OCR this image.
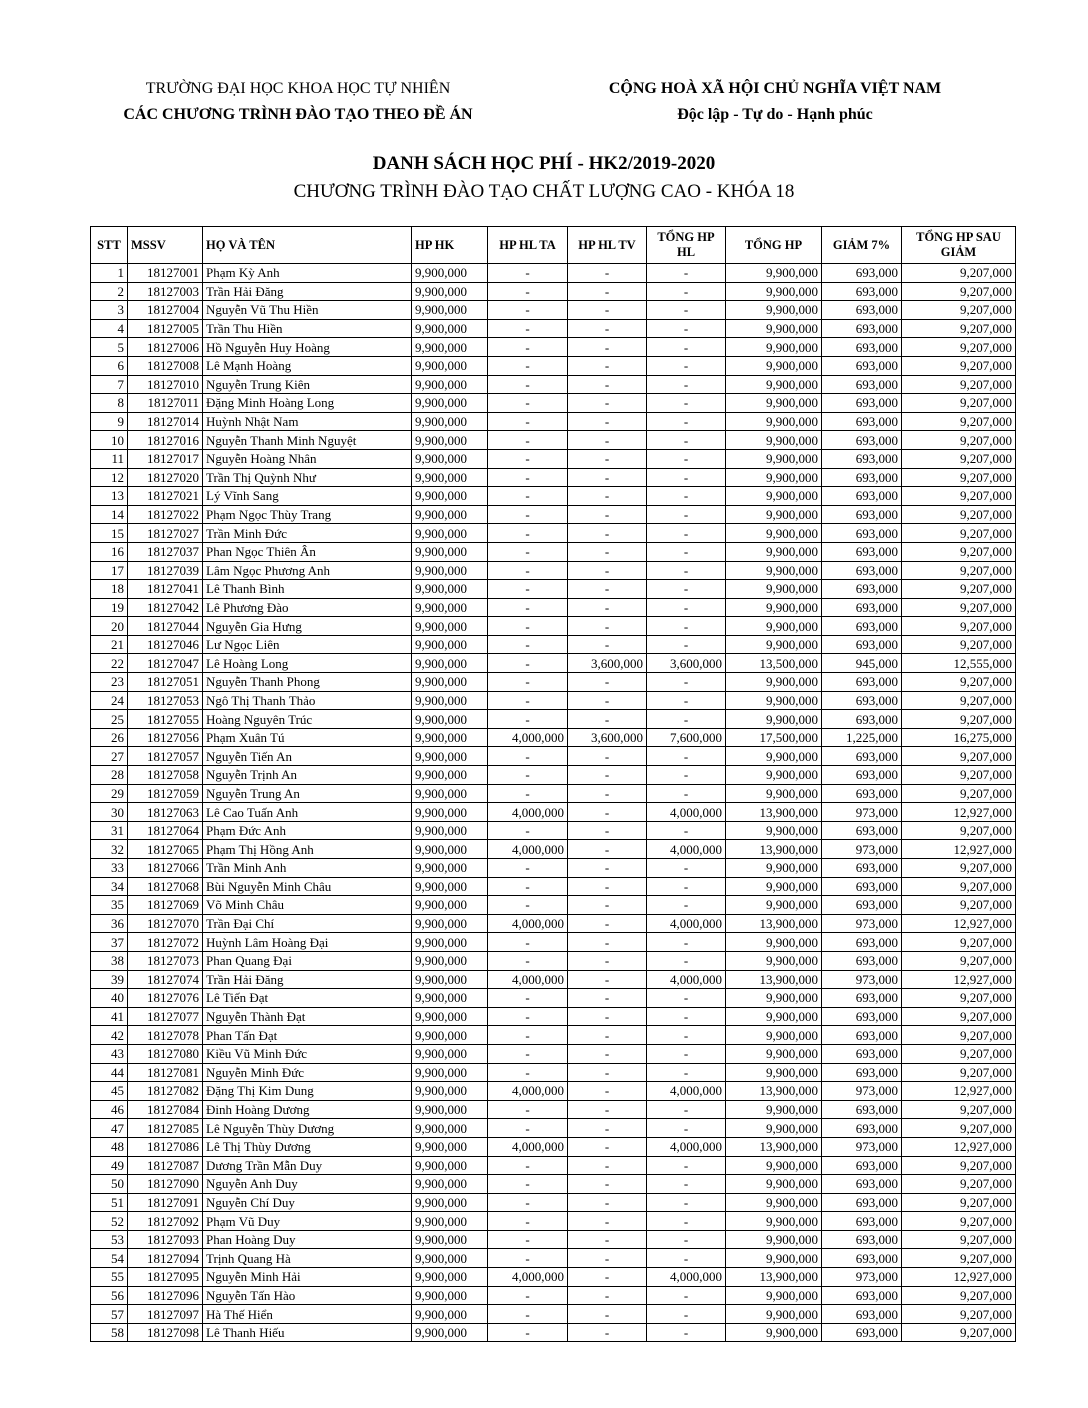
TRƯỜNG ĐẠI HỌC KHOA HỌC TỰ NHIÊN
CÁC CHƯƠNG TRÌNH ĐÀO TẠO THEO ĐỀ ÁN
CỘNG HOÀ XÃ HỘI CHỦ NGHĨA VIỆT NAM
Độc lập - Tự do - Hạnh phúc
DANH SÁCH HỌC PHÍ - HK2/2019-2020
CHƯƠNG TRÌNH ĐÀO TẠO CHẤT LƯỢNG CAO - KHÓA 18
STT	MSSV	HỌ VÀ TÊN	HP HK	HP HL TA	HP HL TV	TỔNG HP HL	TỔNG HP	GIẢM 7%	TỔNG HP SAU GIẢM
1	18127001	Phạm Kỳ Anh	9,900,000	-	-	-	9,900,000	693,000	9,207,000
2	18127003	Trần Hải Đăng	9,900,000	-	-	-	9,900,000	693,000	9,207,000
3	18127004	Nguyễn Vũ Thu Hiền	9,900,000	-	-	-	9,900,000	693,000	9,207,000
4	18127005	Trần Thu Hiền	9,900,000	-	-	-	9,900,000	693,000	9,207,000
5	18127006	Hồ Nguyễn Huy Hoàng	9,900,000	-	-	-	9,900,000	693,000	9,207,000
6	18127008	Lê Mạnh Hoàng	9,900,000	-	-	-	9,900,000	693,000	9,207,000
7	18127010	Nguyễn Trung Kiên	9,900,000	-	-	-	9,900,000	693,000	9,207,000
8	18127011	Đặng Minh Hoàng Long	9,900,000	-	-	-	9,900,000	693,000	9,207,000
9	18127014	Huỳnh Nhật Nam	9,900,000	-	-	-	9,900,000	693,000	9,207,000
10	18127016	Nguyễn Thanh Minh Nguyệt	9,900,000	-	-	-	9,900,000	693,000	9,207,000
11	18127017	Nguyễn Hoàng Nhân	9,900,000	-	-	-	9,900,000	693,000	9,207,000
12	18127020	Trần Thị Quỳnh Như	9,900,000	-	-	-	9,900,000	693,000	9,207,000
13	18127021	Lý Vĩnh Sang	9,900,000	-	-	-	9,900,000	693,000	9,207,000
14	18127022	Phạm Ngọc Thùy Trang	9,900,000	-	-	-	9,900,000	693,000	9,207,000
15	18127027	Trần Minh Đức	9,900,000	-	-	-	9,900,000	693,000	9,207,000
16	18127037	Phan Ngọc Thiên Ân	9,900,000	-	-	-	9,900,000	693,000	9,207,000
17	18127039	Lâm Ngọc Phương Anh	9,900,000	-	-	-	9,900,000	693,000	9,207,000
18	18127041	Lê Thanh Bình	9,900,000	-	-	-	9,900,000	693,000	9,207,000
19	18127042	Lê Phương Đào	9,900,000	-	-	-	9,900,000	693,000	9,207,000
20	18127044	Nguyễn Gia Hưng	9,900,000	-	-	-	9,900,000	693,000	9,207,000
21	18127046	Lư Ngọc Liên	9,900,000	-	-	-	9,900,000	693,000	9,207,000
22	18127047	Lê Hoàng Long	9,900,000	-	3,600,000	3,600,000	13,500,000	945,000	12,555,000
23	18127051	Nguyễn Thanh Phong	9,900,000	-	-	-	9,900,000	693,000	9,207,000
24	18127053	Ngô Thị Thanh Thảo	9,900,000	-	-	-	9,900,000	693,000	9,207,000
25	18127055	Hoàng Nguyên Trúc	9,900,000	-	-	-	9,900,000	693,000	9,207,000
26	18127056	Phạm Xuân Tú	9,900,000	4,000,000	3,600,000	7,600,000	17,500,000	1,225,000	16,275,000
27	18127057	Nguyễn Tiến An	9,900,000	-	-	-	9,900,000	693,000	9,207,000
28	18127058	Nguyễn Trịnh An	9,900,000	-	-	-	9,900,000	693,000	9,207,000
29	18127059	Nguyễn Trung An	9,900,000	-	-	-	9,900,000	693,000	9,207,000
30	18127063	Lê Cao Tuấn Anh	9,900,000	4,000,000	-	4,000,000	13,900,000	973,000	12,927,000
31	18127064	Phạm Đức Anh	9,900,000	-	-	-	9,900,000	693,000	9,207,000
32	18127065	Phạm Thị Hồng Anh	9,900,000	4,000,000	-	4,000,000	13,900,000	973,000	12,927,000
33	18127066	Trần Minh Anh	9,900,000	-	-	-	9,900,000	693,000	9,207,000
34	18127068	Bùi Nguyễn Minh Châu	9,900,000	-	-	-	9,900,000	693,000	9,207,000
35	18127069	Võ Minh Châu	9,900,000	-	-	-	9,900,000	693,000	9,207,000
36	18127070	Trần Đại Chí	9,900,000	4,000,000	-	4,000,000	13,900,000	973,000	12,927,000
37	18127072	Huỳnh Lâm Hoàng Đại	9,900,000	-	-	-	9,900,000	693,000	9,207,000
38	18127073	Phan Quang Đại	9,900,000	-	-	-	9,900,000	693,000	9,207,000
39	18127074	Trần Hải Đăng	9,900,000	4,000,000	-	4,000,000	13,900,000	973,000	12,927,000
40	18127076	Lê Tiến Đạt	9,900,000	-	-	-	9,900,000	693,000	9,207,000
41	18127077	Nguyễn Thành Đạt	9,900,000	-	-	-	9,900,000	693,000	9,207,000
42	18127078	Phan Tấn Đạt	9,900,000	-	-	-	9,900,000	693,000	9,207,000
43	18127080	Kiều Vũ Minh Đức	9,900,000	-	-	-	9,900,000	693,000	9,207,000
44	18127081	Nguyễn Minh Đức	9,900,000	-	-	-	9,900,000	693,000	9,207,000
45	18127082	Đặng Thị Kim Dung	9,900,000	4,000,000	-	4,000,000	13,900,000	973,000	12,927,000
46	18127084	Đinh Hoàng Dương	9,900,000	-	-	-	9,900,000	693,000	9,207,000
47	18127085	Lê Nguyễn Thùy Dương	9,900,000	-	-	-	9,900,000	693,000	9,207,000
48	18127086	Lê Thị Thùy Dương	9,900,000	4,000,000	-	4,000,000	13,900,000	973,000	12,927,000
49	18127087	Dương Trần Mẫn Duy	9,900,000	-	-	-	9,900,000	693,000	9,207,000
50	18127090	Nguyễn Anh Duy	9,900,000	-	-	-	9,900,000	693,000	9,207,000
51	18127091	Nguyễn Chí Duy	9,900,000	-	-	-	9,900,000	693,000	9,207,000
52	18127092	Phạm Vũ Duy	9,900,000	-	-	-	9,900,000	693,000	9,207,000
53	18127093	Phan Hoàng Duy	9,900,000	-	-	-	9,900,000	693,000	9,207,000
54	18127094	Trịnh Quang Hà	9,900,000	-	-	-	9,900,000	693,000	9,207,000
55	18127095	Nguyễn Minh Hải	9,900,000	4,000,000	-	4,000,000	13,900,000	973,000	12,927,000
56	18127096	Nguyễn Tấn Hào	9,900,000	-	-	-	9,900,000	693,000	9,207,000
57	18127097	Hà Thế Hiển	9,900,000	-	-	-	9,900,000	693,000	9,207,000
58	18127098	Lê Thanh Hiếu	9,900,000	-	-	-	9,900,000	693,000	9,207,000
